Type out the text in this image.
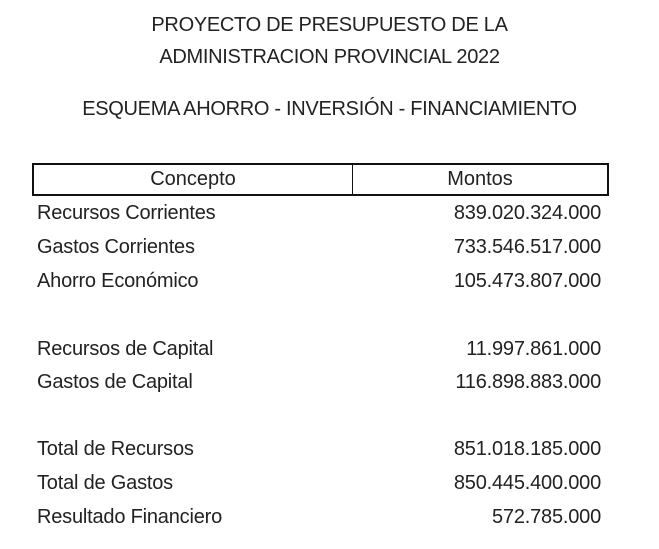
PROYECTO DE PRESUPUESTO DE LA
ADMINISTRACION PROVINCIAL 2022
ESQUEMA AHORRO - INVERSIÓN - FINANCIAMIENTO
Concepto	Montos
Recursos Corrientes	839.020.324.000
Gastos Corrientes	733.546.517.000
Ahorro Económico	105.473.807.000
Recursos de Capital	11.997.861.000
Gastos de Capital	116.898.883.000
Total de Recursos	851.018.185.000
Total de Gastos	850.445.400.000
Resultado Financiero	572.785.000
